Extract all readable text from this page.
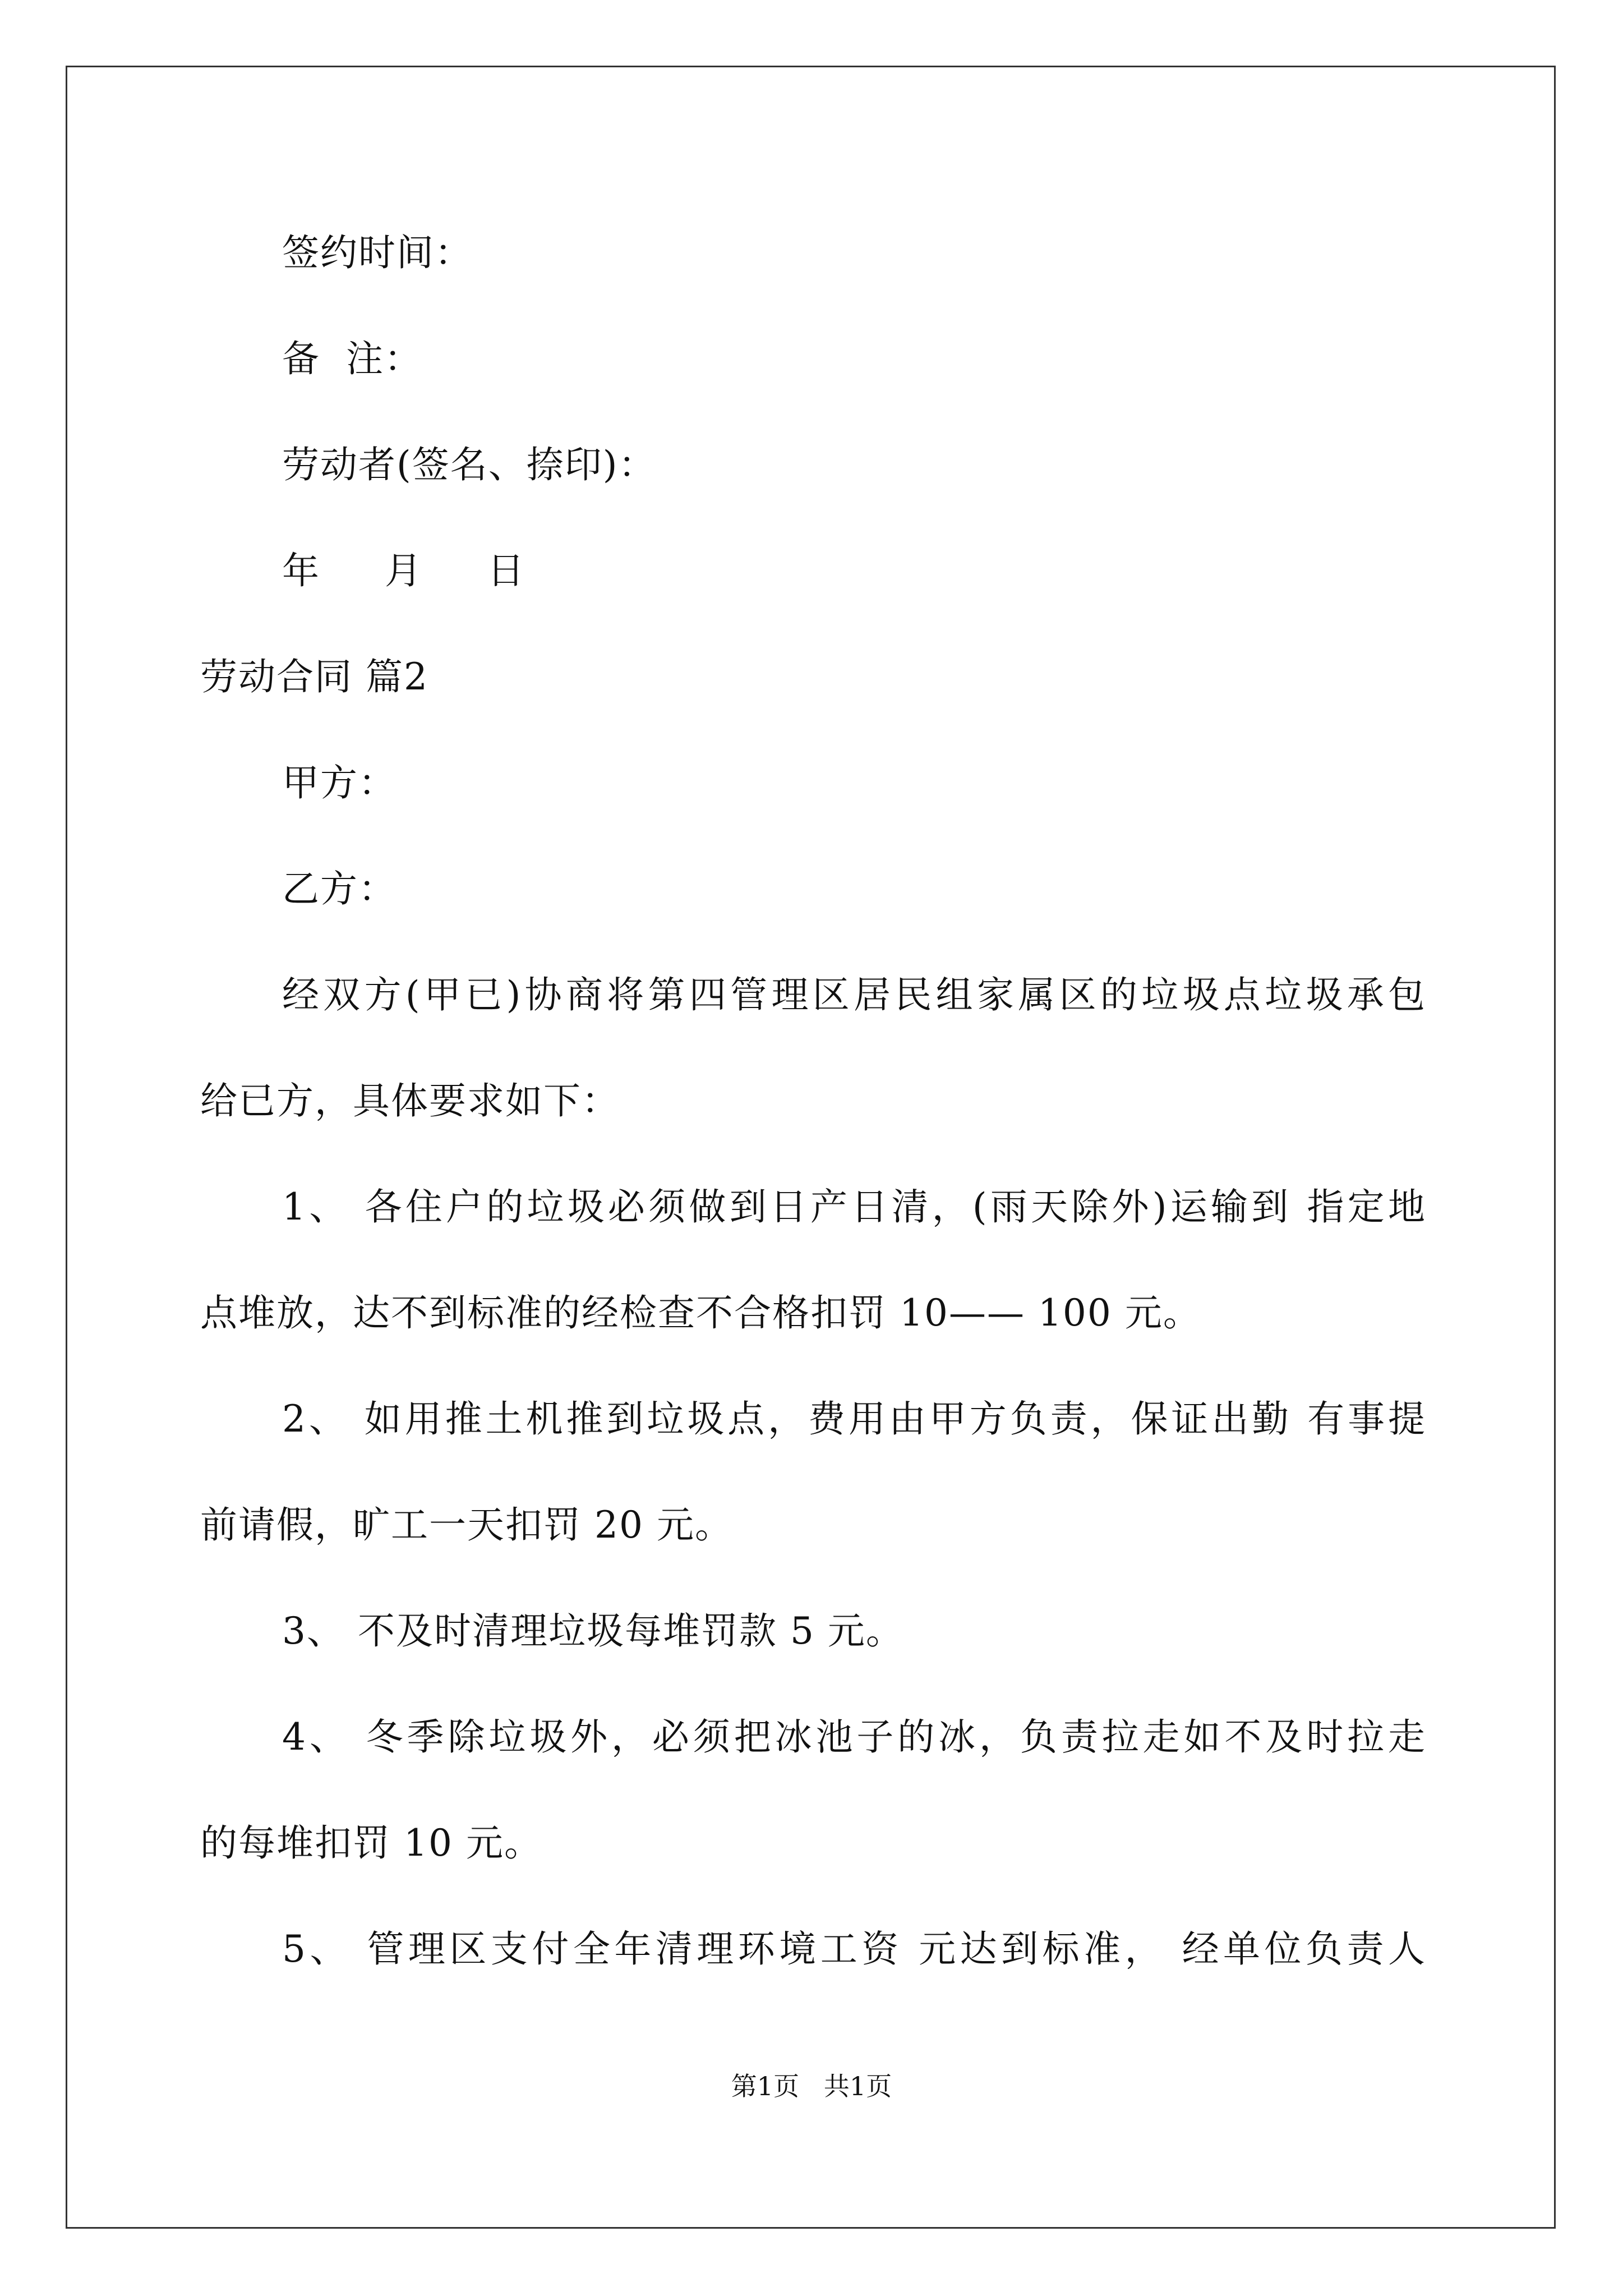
签约时间：
备  注：
劳动者(签名、捺印)：
年     月     日
劳动合同 篇2
甲方：
乙方：
经双方(甲已)协商将第四管理区居民组家属区的垃圾点垃圾承包
给已方，具体要求如下：
1、 各住户的垃圾必须做到日产日清，(雨天除外)运输到 指定地
点堆放，达不到标准的经检查不合格扣罚 10—— 100 元。
2、 如用推土机推到垃圾点，费用由甲方负责，保证出勤 有事提
前请假，旷工一天扣罚 20 元。
3、 不及时清理垃圾每堆罚款 5 元。
4、 冬季除垃圾外，必须把冰池子的冰，负责拉走如不及时拉走
的每堆扣罚 10 元。
5、 管理区支付全年清理环境工资 元达到标准， 经单位负责人
第1页   共1页
